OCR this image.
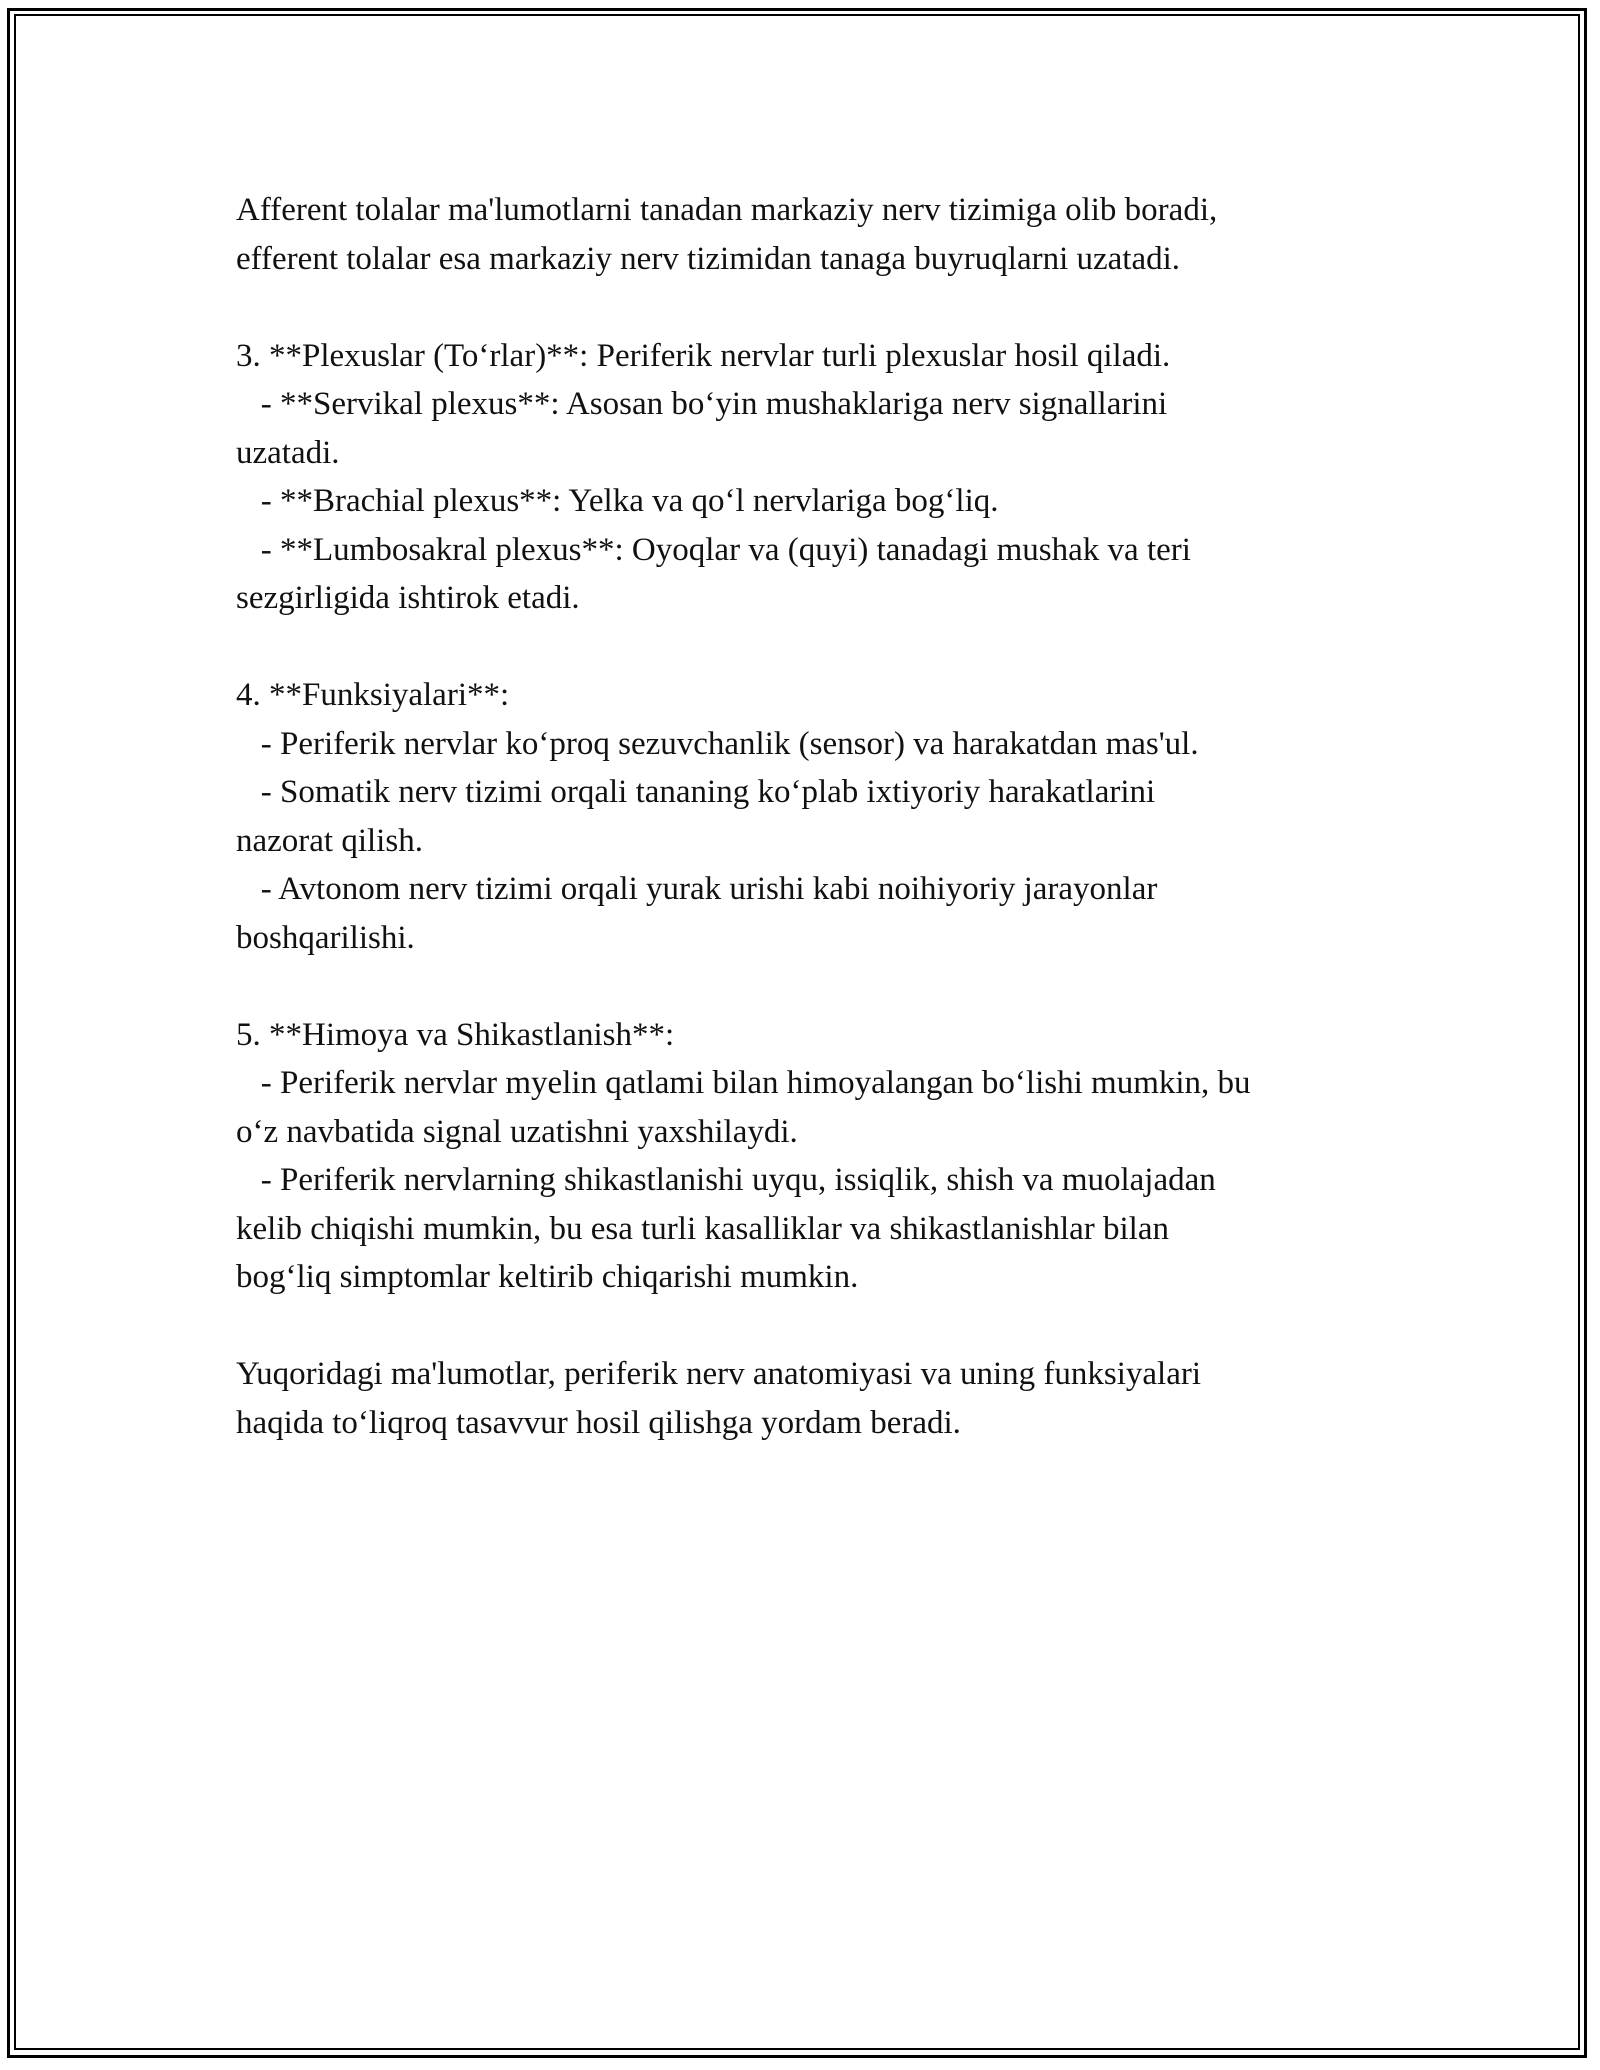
Afferent tolalar ma'lumotlarni tanadan markaziy nerv tizimiga olib boradi,

efferent tolalar esa markaziy nerv tizimidan tanaga buyruqlarni uzatadi.

3. **Plexuslar (To‘rlar)**: Periferik nervlar turli plexuslar hosil qiladi.

- **Servikal plexus**: Asosan bo‘yin mushaklariga nerv signallarini

uzatadi.

- **Brachial plexus**: Yelka va qo‘l nervlariga bog‘liq.

- **Lumbosakral plexus**: Oyoqlar va (quyi) tanadagi mushak va teri

sezgirligida ishtirok etadi.

4. **Funksiyalari**:

- Periferik nervlar ko‘proq sezuvchanlik (sensor) va harakatdan mas'ul.

- Somatik nerv tizimi orqali tananing ko‘plab ixtiyoriy harakatlarini

nazorat qilish.

- Avtonom nerv tizimi orqali yurak urishi kabi noihiyoriy jarayonlar

boshqarilishi.

5. **Himoya va Shikastlanish**:

- Periferik nervlar myelin qatlami bilan himoyalangan bo‘lishi mumkin, bu

o‘z navbatida signal uzatishni yaxshilaydi.

- Periferik nervlarning shikastlanishi uyqu, issiqlik, shish va muolajadan

kelib chiqishi mumkin, bu esa turli kasalliklar va shikastlanishlar bilan

bog‘liq simptomlar keltirib chiqarishi mumkin.

Yuqoridagi ma'lumotlar, periferik nerv anatomiyasi va uning funksiyalari

haqida to‘liqroq tasavvur hosil qilishga yordam beradi.
